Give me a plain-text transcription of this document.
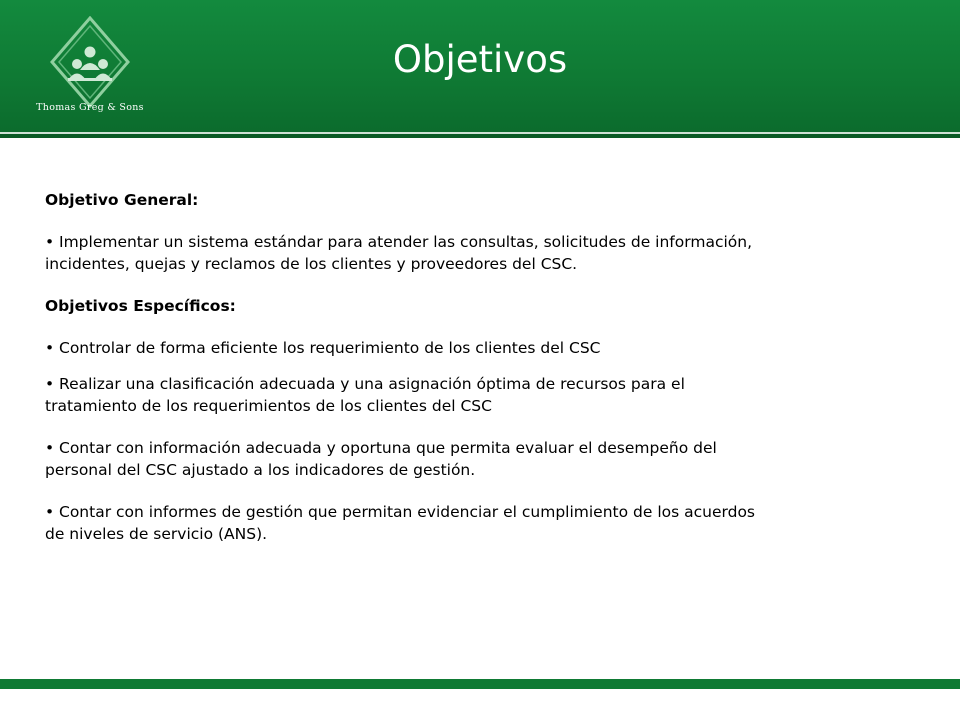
Thomas Greg & Sons
Objetivos

Objetivo General:

• Implementar un sistema estándar para atender las consultas, solicitudes de información,

incidentes, quejas y reclamos de los clientes y proveedores del CSC.

Objetivos Específicos:

• Controlar de forma eficiente los requerimiento de los clientes del CSC

• Realizar una clasificación adecuada y una asignación óptima de recursos para el

tratamiento de los requerimientos de los clientes del CSC

• Contar con información adecuada y oportuna que permita evaluar el desempeño del

personal del CSC ajustado a los indicadores de gestión.

• Contar con informes de gestión que permitan evidenciar el cumplimiento de los acuerdos

de niveles de servicio (ANS).
